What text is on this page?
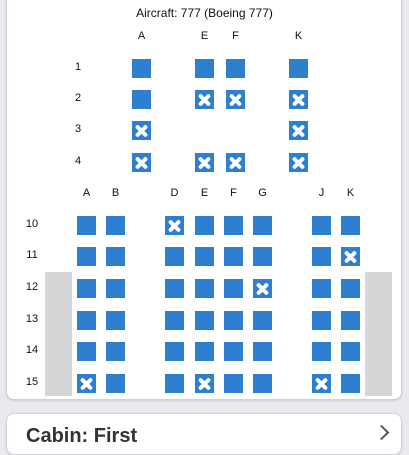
Aircraft: 777 (Boeing 777)
A	E	F	K
1
2
3
4
A	B	D	E	F	G	J	K
10
11
12
13
14
15
Cabin: First
